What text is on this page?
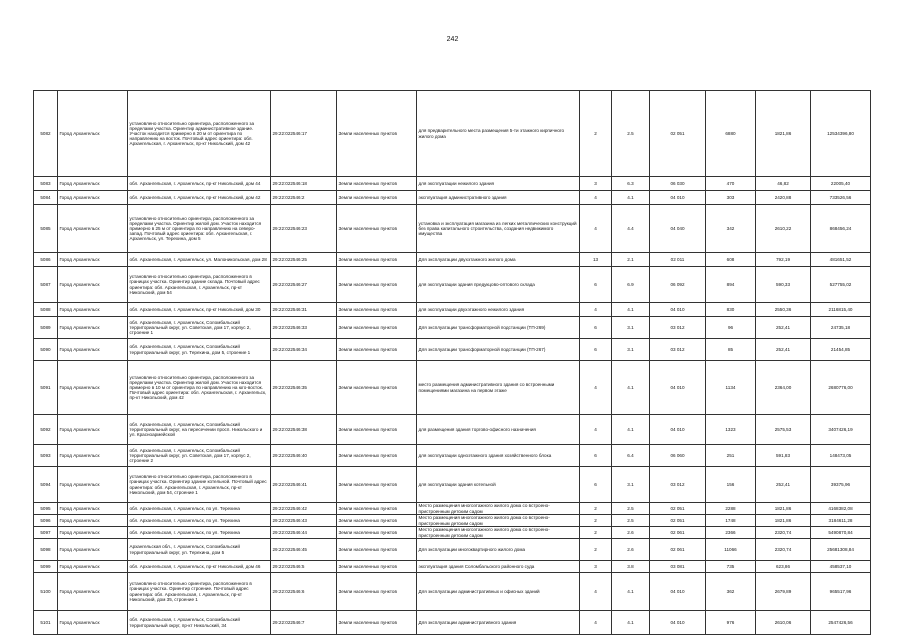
242
5082	Город Архангельск	установлено относительно ориентира, расположенного за пределами участка. Ориентир административное здание. Участок находится примерно в 20 м от ориентира по направлению на восток. Почтовый адрес ориентира: обл. Архангельская, г. Архангельск, пр-кт Никольский, дом 42	29:22:022546:17	Земли населенных пунктов	для предварительного места размещения 5-ти этажного кирпичного жилого дома	2	2.5	02 051	6880	1821,86	12534396,80
5083	Город Архангельск	обл. Архангельская, г. Архангельск, пр-кт Никольский, дом 44	29:22:022546:18	Земли населенных пунктов	для эксплуатации нежилого здания	3	6.3	06 030	470	46,82	22005,40
5084	Город Архангельск	обл. Архангельская, г. Архангельск, пр-кт Никольский, дом 42	29:22:022546:2	Земли населенных пунктов	эксплуатация административного здания	4	4.1	04 010	303	2420,88	733526,56
5085	Город Архангельск	установлено относительно ориентира, расположенного за пределами участка. Ориентир жилой дом. Участок находится примерно в 25 м от ориентира по направлению на северо-запад. Почтовый адрес ориентира: обл. Архангельская, г. Архангельск, ул. Терехина, дом 5	29:22:022546:23	Земли населенных пунктов	установка и эксплуатация магазина из легких металлических конструкций без права капитального строительства, создания недвижимого имущества	4	4.4	04 040	342	2610,22	868456,24
5086	Город Архангельск	обл. Архангельская, г. Архангельск, ул. Малоникольская, дом 28	29:22:022546:25	Земли населенных пунктов	Для эксплуатации двухэтажного жилого дома	13	2.1	02 011	608	792,19	481651,52
5087	Город Архангельск	установлено относительно ориентира, расположенного в границах участка. Ориентир здание склада. Почтовый адрес ориентира: обл. Архангельская, г. Архангельск, пр-кт Никольский, дом 54	29:22:022546:27	Земли населенных пунктов	для эксплуатации здания предукцово-оптового склада	6	6.9	06 092	894	590,33	527755,02
5088	Город Архангельск	обл. Архангельская, г. Архангельск, пр-кт Никольский, дом 30	29:22:022546:31	Земли населенных пунктов	для эксплуатации двухэтажного нежилого здания	4	4.1	04 010	830	2550,36	2116815,40
5089	Город Архангельск	обл. Архангельская, г. Архангельск, Соломбальский территориальный округ, ул. Советская, дом 17, корпус 2, строение 1	29:22:022546:33	Земли населенных пунктов	Для эксплуатации трансформаторной подстанции (ТП-269)	6	3.1	03 012	96	252,41	24735,18
5090	Город Архангельск	обл. Архангельская, г. Архангельск, Соломбальский территориальный округ, ул. Терехина, дом 5, строение 1	29:22:022546:34	Земли населенных пунктов	Для эксплуатации трансформаторной подстанции (ТП-267)	6	3.1	03 012	85	252,41	21454,85
5091	Город Архангельск	установлено относительно ориентира, расположенного за пределами участка. Ориентир жилой дом. Участок находится примерно в 10 м от ориентира по направлению на юго-восток. Почтовый адрес ориентира: обл. Архангельская, г. Архангельск, пр-кт Никольский, дом 42	29:22:022546:35	Земли населенных пунктов	место размещения административного здания со встроенными помещениями магазина на первом этаже	4	4.1	04 010	1134	2364,00	2680776,00
5092	Город Архангельск	обл. Архангельская, г. Архангельск, Соломбальский территориальный округ, на пересечении просп. Никольского и ул. Красноармейской	29:22:022546:38	Земли населенных пунктов	для размещения здания торгово-офисного назначения	4	4.1	04 010	1323	2575,53	3407426,19
5093	Город Архангельск	обл. Архангельская, г. Архангельск, Соломбальский территориальный округ, ул. Советская, дом 17, корпус 2, строение 2	29:22:022546:40	Земли населенных пунктов	для эксплуатации одноэтажного здания хозяйственного блока	6	6.4	06 060	251	591,83	148473,05
5094	Город Архангельск	установлено относительно ориентира, расположенного в границах участка. Ориентир здание котельной. Почтовый адрес ориентира: обл. Архангельская, г. Архангельск, пр-кт Никольский, дом 54, строение 1	29:22:022546:41	Земли населенных пунктов	для эксплуатации здания котельной	6	3.1	03 012	156	252,41	39375,96
5095	Город Архангельск	обл. Архангельская, г. Архангельск, по ул. Терехина	29:22:022546:42	Земли населенных пунктов	Место размещения многоэтажного жилого дома со встроено-пристроенным детским садом	2	2.5	02 051	2288	1821,86	4168382,08
5096	Город Архангельск	обл. Архангельская, г. Архангельск, по ул. Терехина	29:22:022546:43	Земли населенных пунктов	Место размещения многоэтажного жилого дома со встроено-пристроенным детским садом	2	2.5	02 051	1748	1821,86	3184611,28
5097	Город Архангельск	обл. Архангельская, г. Архангельск, по ул. Терехина	29:22:022546:44	Земли населенных пунктов	Место размещения многоэтажного жилого дома со встроено-пристроенным детским садом	2	2.6	02 061	2366	2320,74	5490870,84
5098	Город Архангельск	Архангельская обл., г. Архангельск, Соломбальский территориальный округ, ул. Терехина, дом 5	29:22:022546:45	Земли населенных пунктов	Для эксплуатации многоквартирного жилого дома	2	2.6	02 061	11066	2320,74	25681308,84
5099	Город Архангельск	обл. Архангельская, г. Архангельск, пр-кт Никольский, дом 46	29:22:022546:5	Земли населенных пунктов	эксплуатация здания Соломбальского районного суда	3	3.8	03 081	735	623,86	458537,10
5100	Город Архангельск	установлено относительно ориентира, расположенного в границах участка. Ориентир строение. Почтовый адрес ориентира: обл. Архангельская, г. Архангельск, пр-кт Никольский, дом 35, строение 1	29:22:022546:6	Земли населенных пунктов	Для эксплуатации административных и офисных зданий	4	4.1	04 010	362	2679,89	965517,96
5101	Город Архангельск	обл. Архангельская, г. Архангельск, Соломбальский территориальный округ, пр-кт Никольский, 34	29:22:022546:7	Земли населенных пунктов	Для эксплуатации административного здания	4	4.1	04 010	976	2610,06	2547426,56
